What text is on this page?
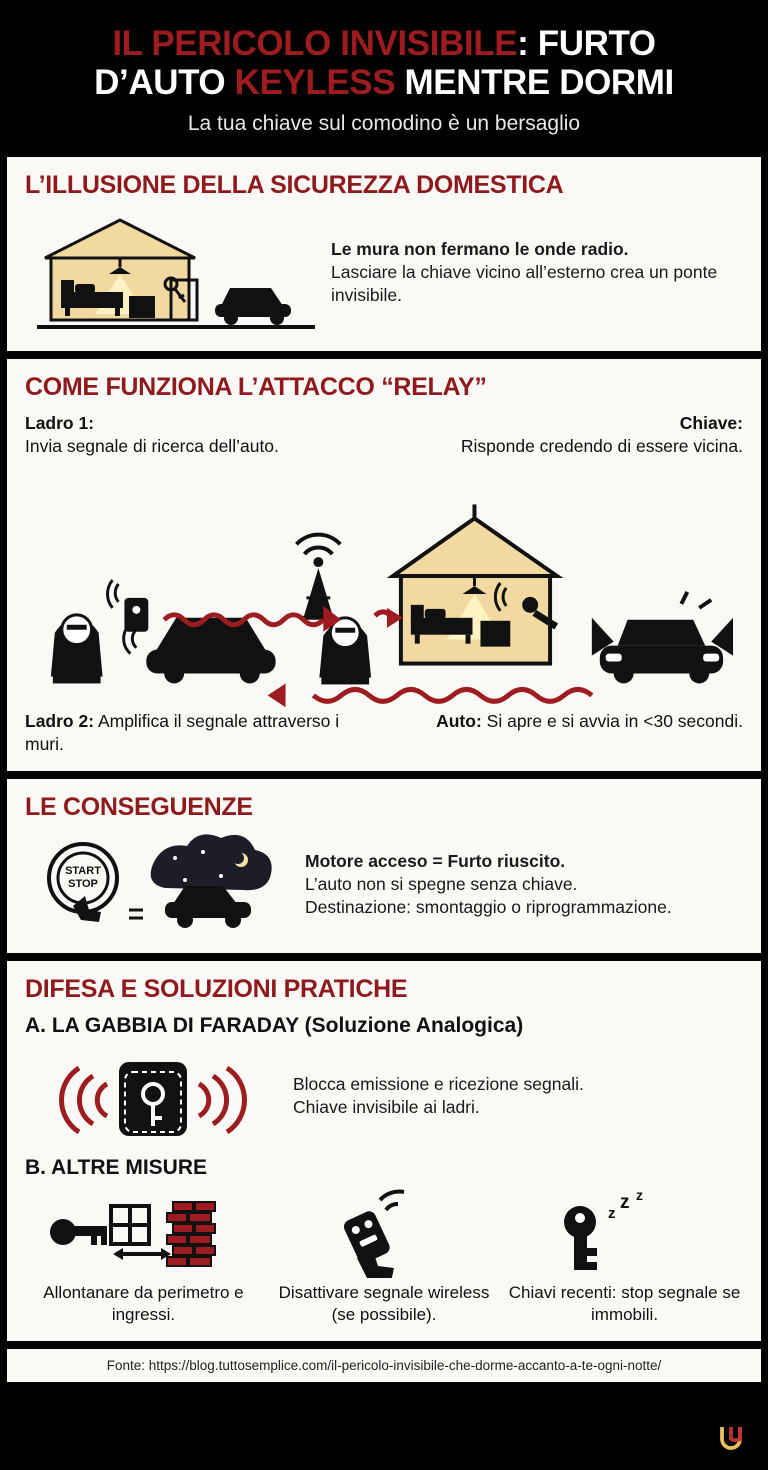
IL PERICOLO INVISIBILE: FURTO
D’AUTO KEYLESS MENTRE DORMI
La tua chiave sul comodino è un bersaglio
L’ILLUSIONE DELLA SICUREZZA DOMESTICA
Le mura non fermano le onde radio.
Lasciare la chiave vicino all’esterno crea un ponte invisibile.
COME FUNZIONA L’ATTACCO “RELAY”
Ladro 1:
Invia segnale di ricerca dell’auto.
Chiave:
Risponde credendo di essere vicina.
Ladro 2: Amplifica il segnale attraverso i muri.
Auto: Si apre e si avvia in <30 secondi.
LE CONSEGUENZE
START
STOP
Motore acceso = Furto riuscito.
L’auto non si spegne senza chiave.
Destinazione: smontaggio o riprogrammazione.
DIFESA E SOLUZIONI PRATICHE
A. LA GABBIA DI FARADAY (Soluzione Analogica)
Blocca emissione e ricezione segnali.
Chiave invisibile ai ladri.
B. ALTRE MISURE
Allontanare da perimetro e ingressi.
Disattivare segnale wireless (se possibile).
z
z z
Chiavi recenti: stop segnale se immobili.
Fonte: https://blog.tuttosemplice.com/il-pericolo-invisibile-che-dorme-accanto-a-te-ogni-notte/
